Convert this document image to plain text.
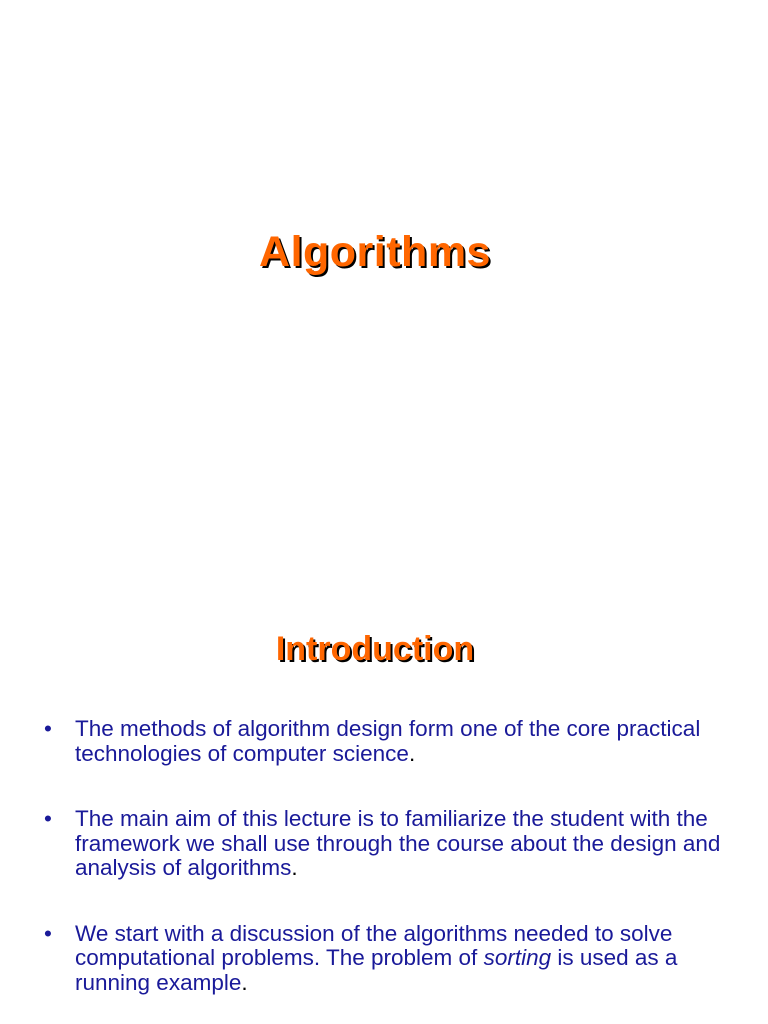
Algorithms
Introduction
• The methods of algorithm design form one of the core practical technologies of computer science.
• The main aim of this lecture is to familiarize the student with the framework we shall use through the course about the design and analysis of algorithms.
• We start with a discussion of the algorithms needed to solve computational problems. The problem of sorting is used as a running example.
